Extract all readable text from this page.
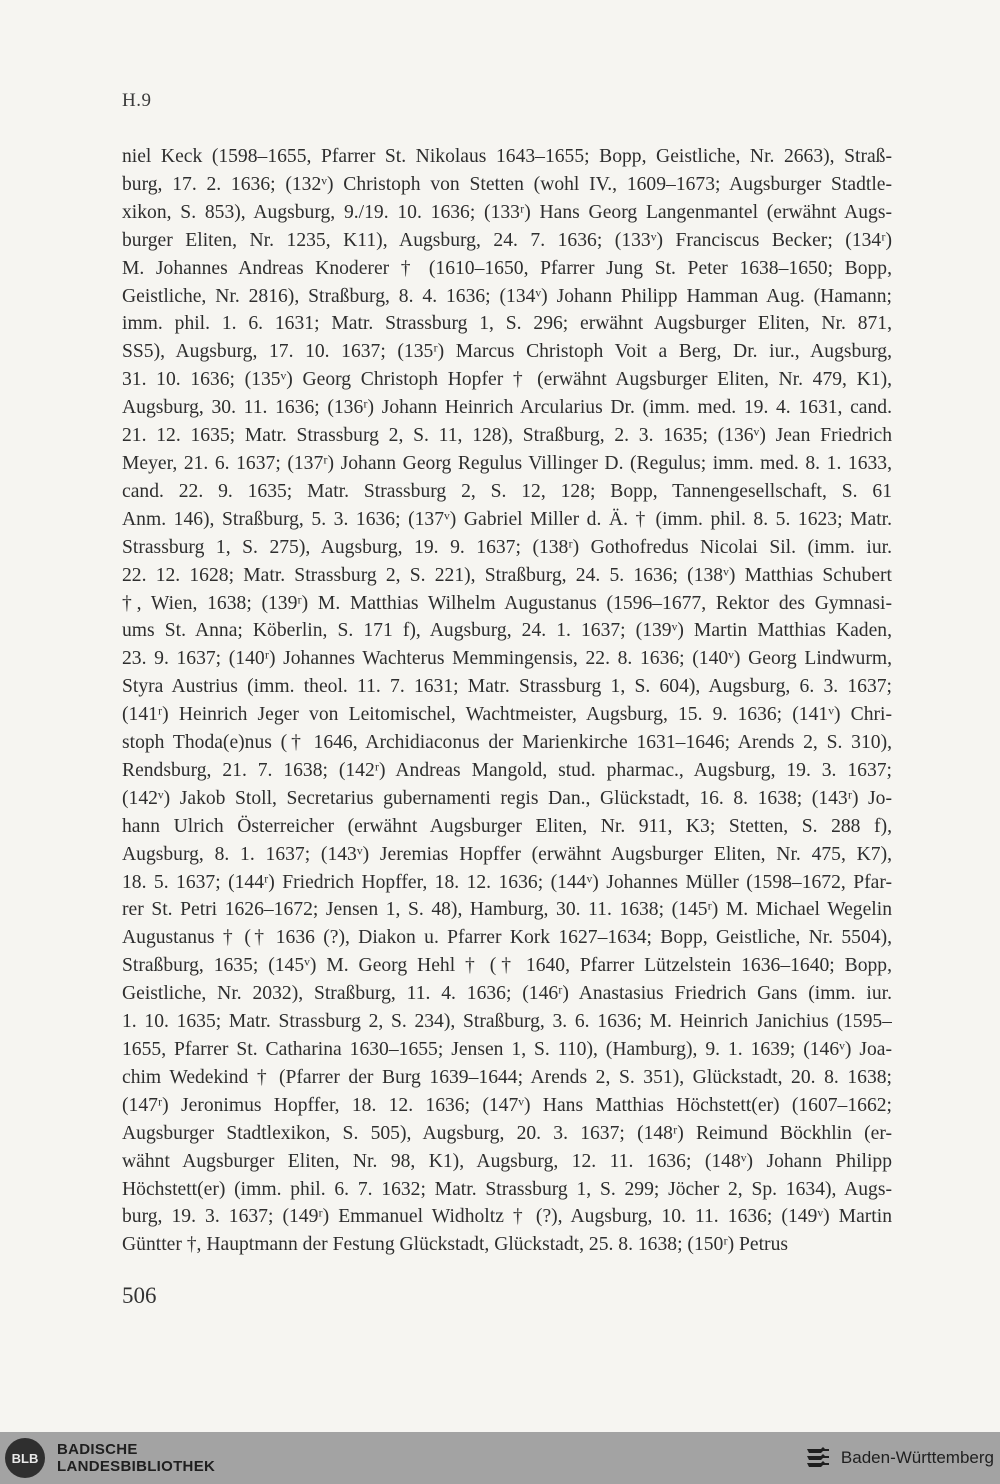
H.9
niel Keck (1598–1655, Pfarrer St. Nikolaus 1643–1655; Bopp, Geistliche, Nr. 2663), Straß-
burg, 17. 2. 1636; (132ᵛ) Christoph von Stetten (wohl IV., 1609–1673; Augsburger Stadtle-
xikon, S. 853), Augsburg, 9./19. 10. 1636; (133ʳ) Hans Georg Langenmantel (erwähnt Augs-
burger Eliten, Nr. 1235, K11), Augsburg, 24. 7. 1636; (133ᵛ) Franciscus Becker; (134ʳ)
M. Johannes Andreas Knoderer † (1610–1650, Pfarrer Jung St. Peter 1638–1650; Bopp,
Geistliche, Nr. 2816), Straßburg, 8. 4. 1636; (134ᵛ) Johann Philipp Hamman Aug. (Hamann;
imm. phil. 1. 6. 1631; Matr. Strassburg 1, S. 296; erwähnt Augsburger Eliten, Nr. 871,
SS5), Augsburg, 17. 10. 1637; (135ʳ) Marcus Christoph Voit a Berg, Dr. iur., Augsburg,
31. 10. 1636; (135ᵛ) Georg Christoph Hopfer † (erwähnt Augsburger Eliten, Nr. 479, K1),
Augsburg, 30. 11. 1636; (136ʳ) Johann Heinrich Arcularius Dr. (imm. med. 19. 4. 1631, cand.
21. 12. 1635; Matr. Strassburg 2, S. 11, 128), Straßburg, 2. 3. 1635; (136ᵛ) Jean Friedrich
Meyer, 21. 6. 1637; (137ʳ) Johann Georg Regulus Villinger D. (Regulus; imm. med. 8. 1. 1633,
cand. 22. 9. 1635; Matr. Strassburg 2, S. 12, 128; Bopp, Tannengesellschaft, S. 61
Anm. 146), Straßburg, 5. 3. 1636; (137ᵛ) Gabriel Miller d. Ä. † (imm. phil. 8. 5. 1623; Matr.
Strassburg 1, S. 275), Augsburg, 19. 9. 1637; (138ʳ) Gothofredus Nicolai Sil. (imm. iur.
22. 12. 1628; Matr. Strassburg 2, S. 221), Straßburg, 24. 5. 1636; (138ᵛ) Matthias Schubert
†, Wien, 1638; (139ʳ) M. Matthias Wilhelm Augustanus (1596–1677, Rektor des Gymnasi-
ums St. Anna; Köberlin, S. 171 f), Augsburg, 24. 1. 1637; (139ᵛ) Martin Matthias Kaden,
23. 9. 1637; (140ʳ) Johannes Wachterus Memmingensis, 22. 8. 1636; (140ᵛ) Georg Lindwurm,
Styra Austrius (imm. theol. 11. 7. 1631; Matr. Strassburg 1, S. 604), Augsburg, 6. 3. 1637;
(141ʳ) Heinrich Jeger von Leitomischel, Wachtmeister, Augsburg, 15. 9. 1636; (141ᵛ) Chri-
stoph Thoda(e)nus († 1646, Archidiaconus der Marienkirche 1631–1646; Arends 2, S. 310),
Rendsburg, 21. 7. 1638; (142ʳ) Andreas Mangold, stud. pharmac., Augsburg, 19. 3. 1637;
(142ᵛ) Jakob Stoll, Secretarius gubernamenti regis Dan., Glückstadt, 16. 8. 1638; (143ʳ) Jo-
hann Ulrich Österreicher (erwähnt Augsburger Eliten, Nr. 911, K3; Stetten, S. 288 f),
Augsburg, 8. 1. 1637; (143ᵛ) Jeremias Hopffer (erwähnt Augsburger Eliten, Nr. 475, K7),
18. 5. 1637; (144ʳ) Friedrich Hopffer, 18. 12. 1636; (144ᵛ) Johannes Müller (1598–1672, Pfar-
rer St. Petri 1626–1672; Jensen 1, S. 48), Hamburg, 30. 11. 1638; (145ʳ) M. Michael Wegelin
Augustanus † († 1636 (?), Diakon u. Pfarrer Kork 1627–1634; Bopp, Geistliche, Nr. 5504),
Straßburg, 1635; (145ᵛ) M. Georg Hehl † († 1640, Pfarrer Lützelstein 1636–1640; Bopp,
Geistliche, Nr. 2032), Straßburg, 11. 4. 1636; (146ʳ) Anastasius Friedrich Gans (imm. iur.
1. 10. 1635; Matr. Strassburg 2, S. 234), Straßburg, 3. 6. 1636; M. Heinrich Janichius (1595–
1655, Pfarrer St. Catharina 1630–1655; Jensen 1, S. 110), (Hamburg), 9. 1. 1639; (146ᵛ) Joa-
chim Wedekind † (Pfarrer der Burg 1639–1644; Arends 2, S. 351), Glückstadt, 20. 8. 1638;
(147ʳ) Jeronimus Hopffer, 18. 12. 1636; (147ᵛ) Hans Matthias Höchstett(er) (1607–1662;
Augsburger Stadtlexikon, S. 505), Augsburg, 20. 3. 1637; (148ʳ) Reimund Böckhlin (er-
wähnt Augsburger Eliten, Nr. 98, K1), Augsburg, 12. 11. 1636; (148ᵛ) Johann Philipp
Höchstett(er) (imm. phil. 6. 7. 1632; Matr. Strassburg 1, S. 299; Jöcher 2, Sp. 1634), Augs-
burg, 19. 3. 1637; (149ʳ) Emmanuel Widholtz † (?), Augsburg, 10. 11. 1636; (149ᵛ) Martin
Güntter †, Hauptmann der Festung Glückstadt, Glückstadt, 25. 8. 1638; (150ʳ) Petrus
506
BLB	BADISCHE
LANDESBIBLIOTHEK	Baden-Württemberg
